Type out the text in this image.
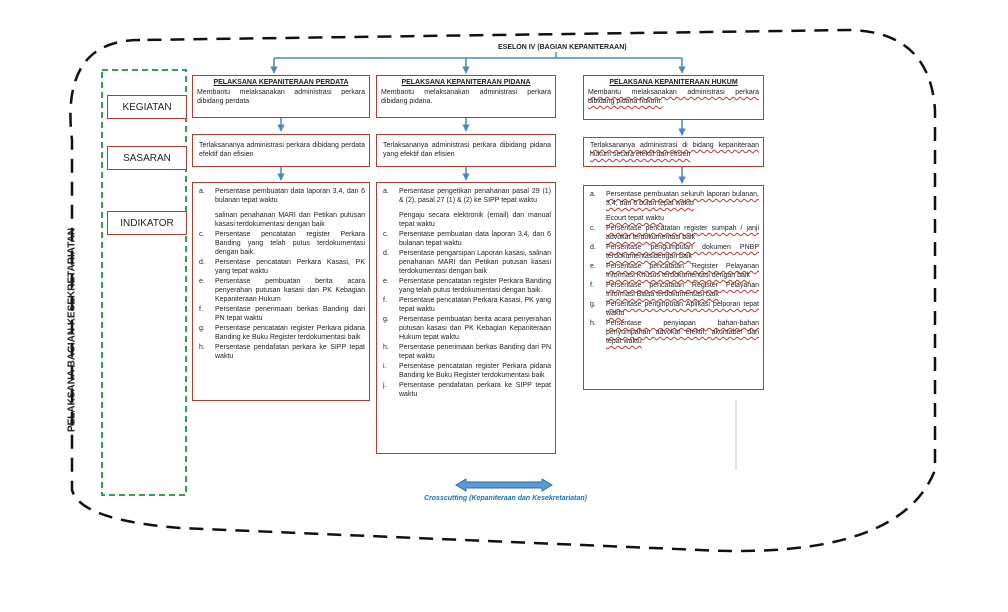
ESELON IV (BAGIAN KEPANITERAAN)
PELAKSANA BAGIAN KESEKRETARIATAN
KEGIATAN
SASARAN
INDIKATOR
PELAKSANA KEPANITERAAN PERDATA
Membantu melaksanakan administrasi perkara dibidang perdata
Terlaksananya administrasi perkara dibidang perdata efektif dan efisien
a.	Persentase pembuatan data laporan 3,4, dan 6 bulanan tepat waktu
salinan penahanan MARI dan Petikan putusan kasasi terdokumentasi dengan baik
c.	Persentase pencatatan register Perkara Banding yang telah putus terdokumentasi dengan baik.
d.	Persentase pencatatan Perkara Kasasi, PK yang tepat waktu
e.	Persentase pembuatan berita acara penyerahan putusan kasasi dan PK Kebagian Kepaniteraan Hukum
f.	Persentase penerimaan berkas Banding dari PN tepat waktu
g.	Persentase pencatatan register Perkara pidana Banding ke Buku Register terdokumentasi baik
h.	Persentase pendafatan perkara ke SIPP tepat waktu
PELAKSANA KEPANITERAAN PIDANA
Membantu melaksanakan administrasi perkara dibidang pidana.
Terlaksananya administrasi perkara dibidang pidana yang efektif dan efisien
a.	Persentase pengetikan penahanan pasal 29 (1) & (2), pasal 27 (1) & (2) ke SIPP tepat waktu
Pengaju secara elektronik (email) dan manual tepat waktu
c.	Persentase pembuatan data laporan 3,4, dan 6 bulanan tepat waktu
d.	Persentase pengarsipan Laporan kasasi, salinan penahanan MARI dan Petikan putusan kasasi terdokumentasi dengan baik
e.	Persentase pencatatan register Perkara Banding yang telah putus terdokumentasi dengan baik.
f.	Persentase pencatatan Perkara Kasasi, PK yang tepat waktu
g.	Persentase pembuatan berita acara penyerahan putusan kasasi dan PK Kebagian Kepaniteraan Hukum tepat waktu
h.	Persentase penerimaan berkas Banding dari PN tepat waktu
i.	Persentase pencatatan register Perkara pidana Banding ke Buku Register terdokumentasi baik
j.	Persentase pendafatan perkara ke SIPP tepat waktu
PELAKSANA KEPANITERAAN HUKUM
Membantu melaksanakan administrasi perkara dibidang pidana hukum.
Terlaksananya administrasi di bidang kepaniteraan hukum secara efektif dan efisien
a.	Persentase pembuatan seluruh laporan bulanan, 3,4, dan 6 bulan tepat waktu
Ecourt tepat waktu
c.	Persentase pencatatan register sumpah / janji advokat terdokumentasi baik
d.	Persentase pengumpulan dokumen PNBP terdokumentasidengan baik
e.	Persentase pencatatan Register Pelayanan Informasi Khusus terdokumentasi dengan baik
f.	Persentase pencatatan Register Pelayanan Informasi Biasa terdokumentasi baik
g.	Persentase penginputan Aplikasi pelporan tepat waktu
h.	Persentase penyiapan bahan-bahan penyumpahan advokat efektif, akuntabel dan tepat waktu
Crosscutting (Kepaniteraan dan Kesekretariatan)
